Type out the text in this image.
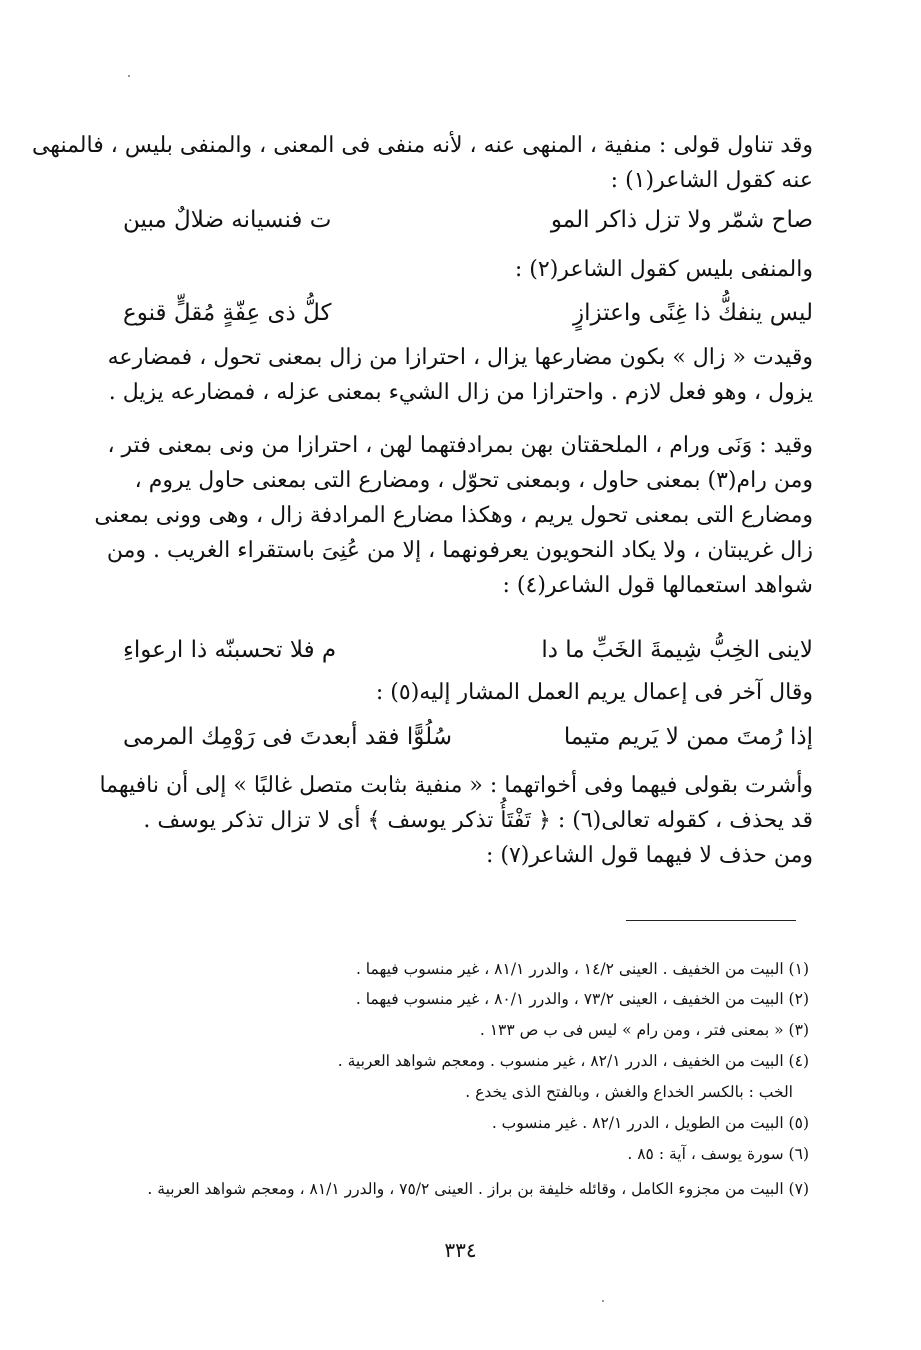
وقد تناول قولى : منفية ، المنهى عنه ، لأنه منفى فى المعنى ، والمنفى بليس ، فالمنهى
عنه كقول الشاعر(١) :
صاح شمّر ولا تزل ذاكر المو
ت فنسيانه ضلالٌ مبين
والمنفى بليس كقول الشاعر(٢) :
ليس ينفكُّ ذا غِنًى واعتزازٍ
كلُّ ذى عِفّةٍ مُقلٍّ قنوع
وقيدت « زال » بكون مضارعها يزال ، احترازا من زال بمعنى تحول ، فمضارعه
يزول ، وهو فعل لازم . واحترازا من زال الشيء بمعنى عزله ، فمضارعه يزيل .
وقيد : وَنَى ورام ، الملحقتان بهن بمرادفتهما لهن ، احترازا من ونى بمعنى فتر ،
ومن رام(٣) بمعنى حاول ، وبمعنى تحوّل ، ومضارع التى بمعنى حاول يروم ،
ومضارع التى بمعنى تحول يريم ، وهكذا مضارع المرادفة زال ، وهى وونى بمعنى
زال غريبتان ، ولا يكاد النحويون يعرفونهما ، إلا من عُنِىَ باستقراء الغريب . ومن
شواهد استعمالها قول الشاعر(٤) :
لاينى الخِبُّ شِيمةَ الخَبِّ ما دا
م فلا تحسبنّه ذا ارعواءِ
وقال آخر فى إعمال يريم العمل المشار إليه(٥) :
إذا رُمتَ ممن لا يَريم متيما
سُلُوًّا فقد أبعدتَ فى رَوْمِك المرمى
وأشرت بقولى فيهما وفى أخواتهما : « منفية بثابت متصل غالبًا » إلى أن نافيهما
قد يحذف ، كقوله تعالى(٦) : ﴿ تَفْتَأُ تذكر يوسف ﴾ أى لا تزال تذكر يوسف .
ومن حذف لا فيهما قول الشاعر(٧) :
(١) البيت من الخفيف . العينى ١٤/٢ ، والدرر ٨١/١ ، غير منسوب فيهما .
(٢) البيت من الخفيف ، العينى ٧٣/٢ ، والدرر ٨٠/١ ، غير منسوب فيهما .
(٣) « بمعنى فتر ، ومن رام » ليس فى ب ص ١٣٣ .
(٤) البيت من الخفيف ، الدرر ٨٢/١ ، غير منسوب . ومعجم شواهد العربية .
الخب : بالكسر الخداع والغش ، وبالفتح الذى يخدع .
(٥) البيت من الطويل ، الدرر ٨٢/١ . غير منسوب .
(٦) سورة يوسف ، آية : ٨٥ .
(٧) البيت من مجزوء الكامل ، وقائله خليفة بن براز . العينى ٧٥/٢ ، والدرر ٨١/١ ، ومعجم شواهد العربية .
٣٣٤
